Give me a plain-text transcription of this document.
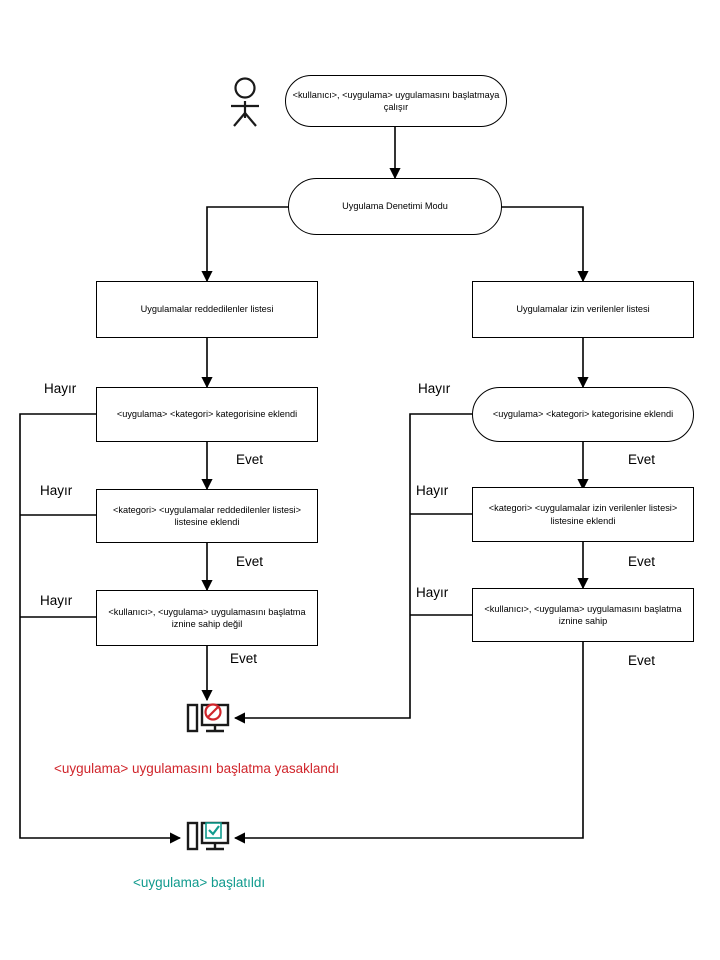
<kullanıcı>, <uygulama> uygulamasını başlatmaya çalışır
Uygulama Denetimi Modu
Uygulamalar reddedilenler listesi	Uygulamalar izin verilenler listesi
<uygulama> <kategori> kategorisine eklendi	<uygulama> <kategori> kategorisine eklendi
<kategori> <uygulamalar reddedilenler listesi> listesine eklendi
<kategori> <uygulamalar izin verilenler listesi> listesine eklendi
<kullanıcı>, <uygulama> uygulamasını başlatma iznine sahip değil
<kullanıcı>, <uygulama> uygulamasını başlatma iznine sahip
Hayır
Hayır
Hayır
Evet
Evet
Evet
Hayır
Hayır
Hayır
Evet
Evet
Evet
<uygulama> uygulamasını başlatma yasaklandı
<uygulama> başlatıldı
